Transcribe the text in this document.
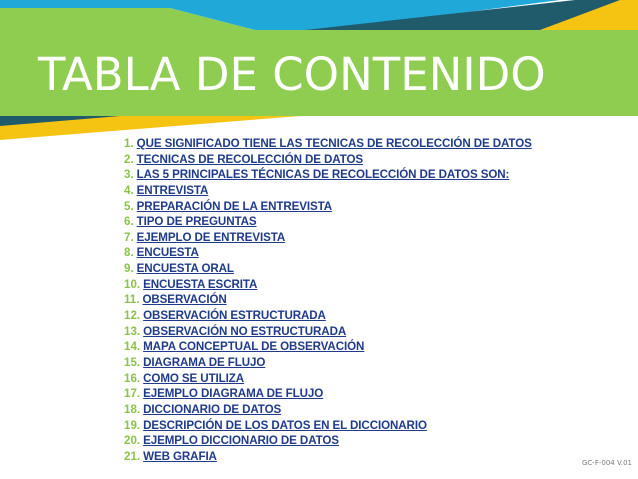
TABLA DE CONTENIDO
1. QUE SIGNIFICADO TIENE LAS TECNICAS DE RECOLECCIÓN DE DATOS
2. TECNICAS DE RECOLECCIÓN DE DATOS
3. LAS 5 PRINCIPALES TÉCNICAS DE RECOLECCIÓN DE DATOS SON:
4. ENTREVISTA
5. PREPARACIÓN DE LA ENTREVISTA
6. TIPO DE PREGUNTAS
7. EJEMPLO DE ENTREVISTA
8. ENCUESTA
9. ENCUESTA ORAL
10. ENCUESTA ESCRITA
11. OBSERVACIÓN
12. OBSERVACIÓN ESTRUCTURADA
13. OBSERVACIÓN NO ESTRUCTURADA
14. MAPA CONCEPTUAL DE OBSERVACIÓN
15. DIAGRAMA DE FLUJO
16. COMO SE UTILIZA
17. EJEMPLO DIAGRAMA DE FLUJO
18. DICCIONARIO DE DATOS
19. DESCRIPCIÓN DE LOS DATOS EN EL DICCIONARIO
20. EJEMPLO DICCIONARIO DE DATOS
21. WEB GRAFIA
GC-F-004 V.01
